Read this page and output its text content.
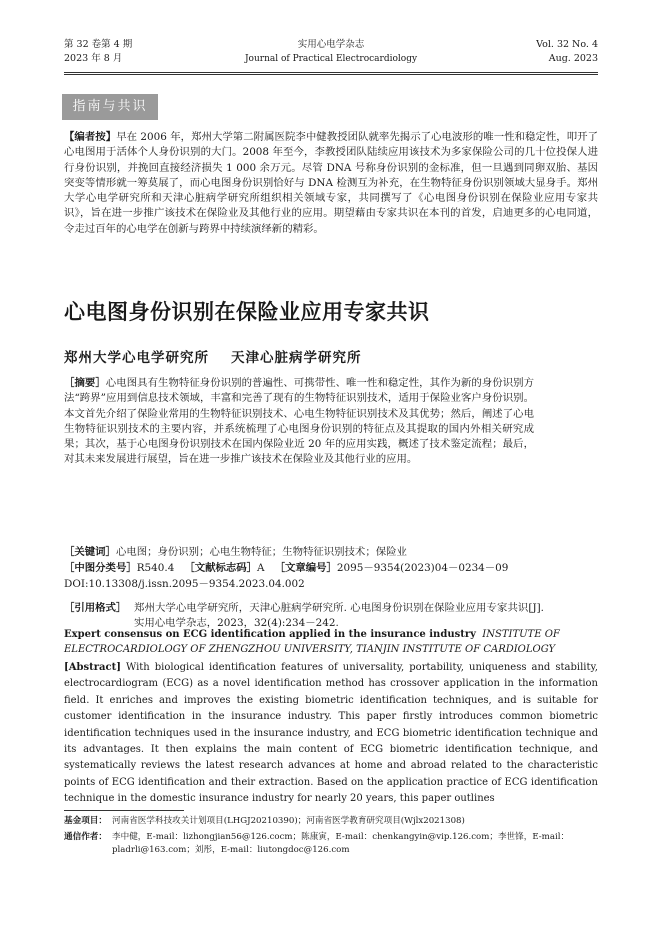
第 32 卷第 4 期
2023 年 8 月
实用心电学杂志
Journal of Practical Electrocardiology
Vol. 32 No. 4
Aug. 2023
指南与共识
【编者按】早在 2006 年，郑州大学第二附属医院李中健教授团队就率先揭示了心电波形的唯一性和稳定性，叩开了心电图用于活体个人身份识别的大门。2008 年至今，李教授团队陆续应用该技术为多家保险公司的几十位投保人进行身份识别，并挽回直接经济损失 1 000 余万元。尽管 DNA 号称身份识别的金标准，但一旦遇到同卵双胎、基因突变等情形就一筹莫展了，而心电图身份识别恰好与 DNA 检测互为补充，在生物特征身份识别领域大显身手。郑州大学心电学研究所和天津心脏病学研究所组织相关领域专家，共同撰写了《心电图身份识别在保险业应用专家共识》，旨在进一步推广该技术在保险业及其他行业的应用。期望藉由专家共识在本刊的首发，启迪更多的心电同道，令走过百年的心电学在创新与跨界中持续演绎新的精彩。
心电图身份识别在保险业应用专家共识
郑州大学心电学研究所 天津心脏病学研究所
［摘要］心电图具有生物特征身份识别的普遍性、可携带性、唯一性和稳定性，其作为新的身份识别方法“跨界”应用到信息技术领域，丰富和完善了现有的生物特征识别技术，适用于保险业客户身份识别。本文首先介绍了保险业常用的生物特征识别技术、心电生物特征识别技术及其优势；然后，阐述了心电生物特征识别技术的主要内容，并系统梳理了心电图身份识别的特征点及其提取的国内外相关研究成果；其次，基于心电图身份识别技术在国内保险业近 20 年的应用实践，概述了技术鉴定流程；最后，对其未来发展进行展望，旨在进一步推广该技术在保险业及其他行业的应用。
［关键词］心电图；身份识别；心电生物特征；生物特征识别技术；保险业
［中图分类号］R540.4 ［文献标志码］A ［文章编号］2095－9354(2023)04－0234－09
DOI:10.13308/j.issn.2095－9354.2023.04.002
［引用格式］ 郑州大学心电学研究所，天津心脏病学研究所. 心电图身份识别在保险业应用专家共识[J]. 实用心电学杂志，2023，32(4):234－242.
Expert consensus on ECG identification applied in the insurance industry INSTITUTE OF ELECTROCARDIOLOGY OF ZHENGZHOU UNIVERSITY, TIANJIN INSTITUTE OF CARDIOLOGY
[Abstract] With biological identification features of universality, portability, uniqueness and stability, electrocardiogram (ECG) as a novel identification method has crossover application in the information field. It enriches and improves the existing biometric identification techniques, and is suitable for customer identification in the insurance industry. This paper firstly introduces common biometric identification techniques used in the insurance industry, and ECG biometric identification technique and its advantages. It then explains the main content of ECG biometric identification technique, and systematically reviews the latest research advances at home and abroad related to the characteristic points of ECG identification and their extraction. Based on the application practice of ECG identification technique in the domestic insurance industry for nearly 20 years, this paper outlines
基金项目： 河南省医学科技攻关计划项目(LHGJ20210390)；河南省医学教育研究项目(Wjlx2021308)
通信作者： 李中健，E-mail：lizhongjian56@126.cocm；陈康寅，E-mail：chenkangyin@vip.126.com；李世锋，E-mail：pladrli@163.com；刘彤，E-mail：liutongdoc@126.com
